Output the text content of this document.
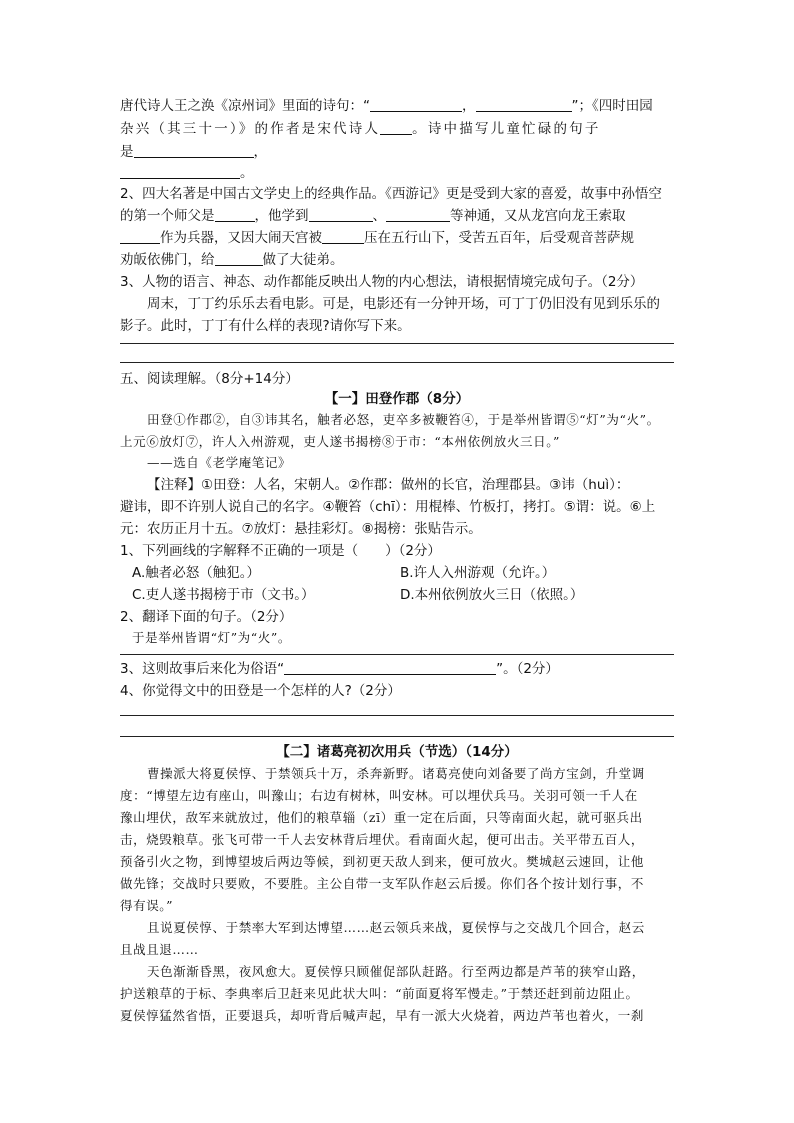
唐代诗人王之涣《凉州词》里面的诗句：“	，	”；《四时田园
杂兴（其三十一）》的作者是宋代诗人 。诗中描写儿童忙碌的句子
是	，
。
2、四大名著是中国古文学史上的经典作品。《西游记》更是受到大家的喜爱，故事中孙悟空
的第一个师父是	，他学到	、	等神通，又从龙宫向龙王索取
作为兵器，又因大闹天宫被	压在五行山下，受苦五百年，后受观音菩萨规
劝皈依佛门，给	做了大徒弟。
3、人物的语言、神态、动作都能反映出人物的内心想法，请根据情境完成句子。（2分）
周末，丁丁约乐乐去看电影。可是，电影还有一分钟开场，可丁丁仍旧没有见到乐乐的
影子。此时，丁丁有什么样的表现?请你写下来。
五、阅读理解。（8分+14分）
【一】田登作郡（8分）
田登①作郡②，自③讳其名，触者必怒，吏卒多被鞭笞④，于是举州皆谓⑤“灯”为“火”。
上元⑥放灯⑦，许人入州游观，吏人遂书揭榜⑧于市：“本州依例放火三日。”
——选自《老学庵笔记》
【注释】①田登：人名，宋朝人。②作郡：做州的长官，治理郡县。③讳（huì）：
避讳，即不许别人说自己的名字。④鞭笞（chī）：用棍棒、竹板打，拷打。⑤谓：说。⑥上
元：农历正月十五。⑦放灯：悬挂彩灯。⑧揭榜：张贴告示。
1、下列画线的字解释不正确的一项是（　　）（2分）
A.触者必怒（触犯。）	B.许人入州游观（允许。）
C.吏人遂书揭榜于市（文书。）	D.本州依例放火三日（依照。）
2、翻译下面的句子。（2分）
于是举州皆谓“灯”为“火”。
3、这则故事后来化为俗语“	”。（2分）
4、你觉得文中的田登是一个怎样的人?（2分）
【二】诸葛亮初次用兵（节选）（14分）
曹操派大将夏侯惇、于禁领兵十万，杀奔新野。诸葛亮使向刘备要了尚方宝剑，升堂调
度：“博望左边有座山，叫豫山；右边有树林，叫安林。可以埋伏兵马。关羽可领一千人在
豫山埋伏，敌军来就放过，他们的粮草辎（zī）重一定在后面，只等南面火起，就可驱兵出
击，烧毁粮草。张飞可带一千人去安林背后埋伏。看南面火起，便可出击。关平带五百人，
预备引火之物，到博望坡后两边等候，到初更天敌人到来，便可放火。樊城赵云速回，让他
做先锋；交战时只要败，不要胜。主公自带一支军队作赵云后援。你们各个按计划行事，不
得有误。”
且说夏侯惇、于禁率大军到达博望……赵云领兵来战，夏侯惇与之交战几个回合，赵云
且战且退……
天色渐渐昏黑，夜风愈大。夏侯惇只顾催促部队赶路。行至两边都是芦苇的狭窄山路，
护送粮草的于标、李典率后卫赶来见此状大叫：“前面夏将军慢走。”于禁还赶到前边阻止。
夏侯惇猛然省悟，正要退兵，却听背后喊声起，早有一派大火烧着，两边芦苇也着火，一刹
